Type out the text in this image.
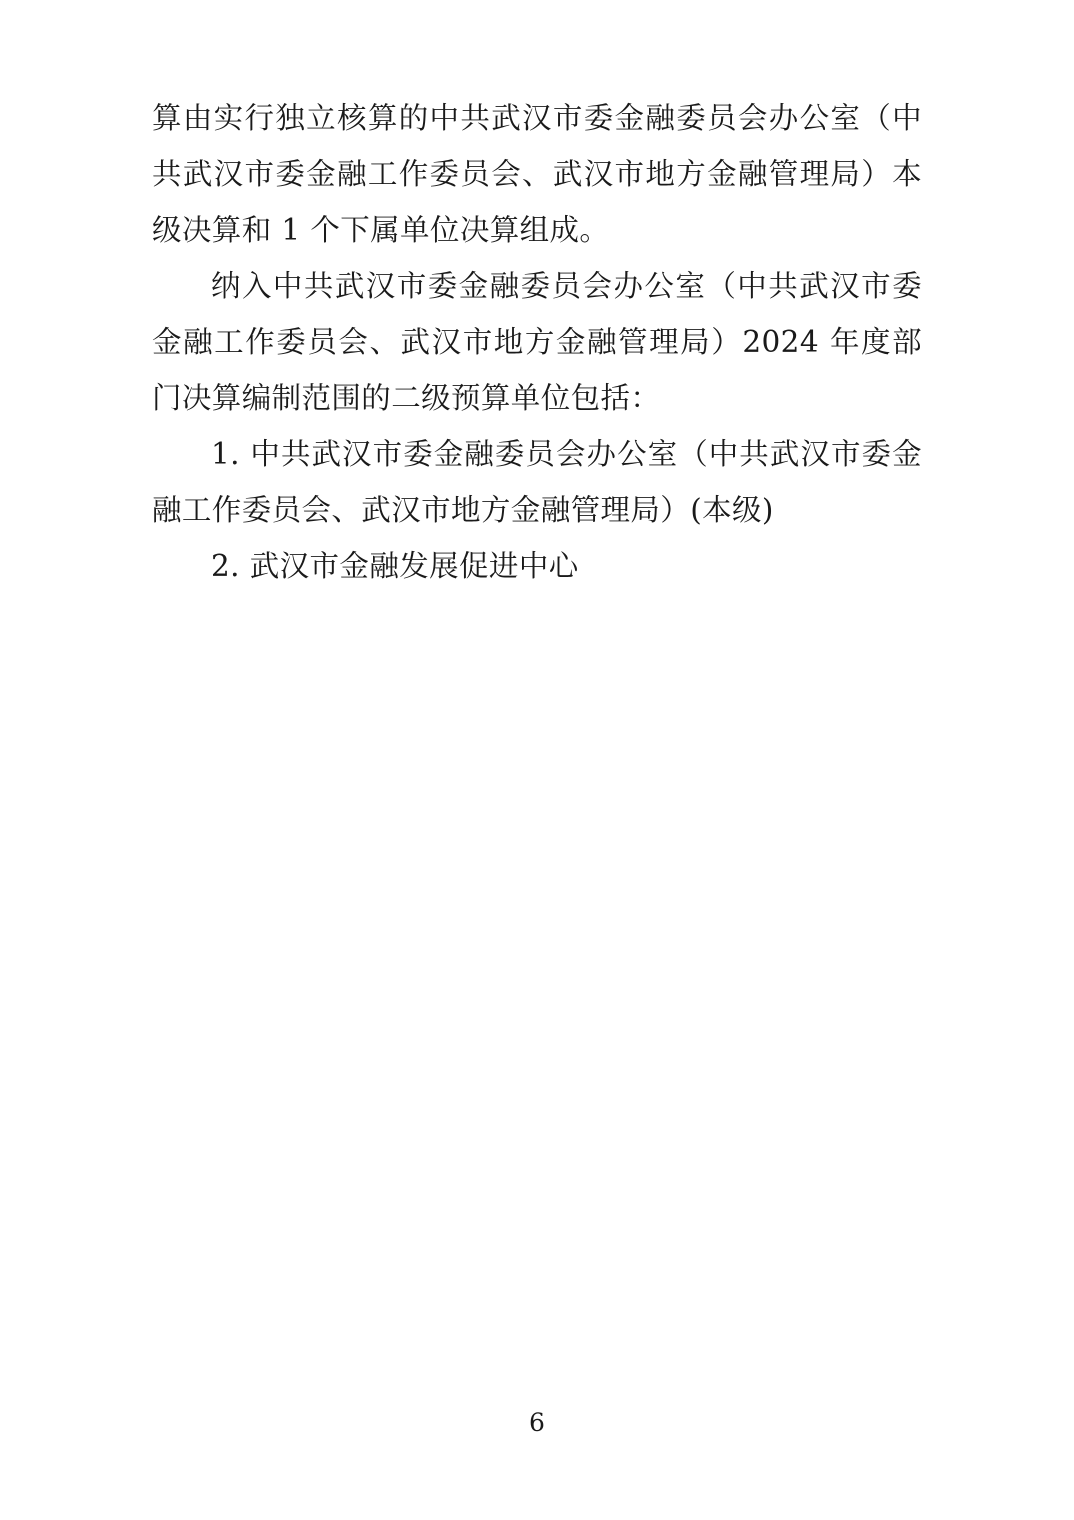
算由实行独立核算的中共武汉市委金融委员会办公室（中共武汉市委金融工作委员会、武汉市地方金融管理局）本级决算和 1 个下属单位决算组成。

纳入中共武汉市委金融委员会办公室（中共武汉市委金融工作委员会、武汉市地方金融管理局）2024 年度部门决算编制范围的二级预算单位包括：

1. 中共武汉市委金融委员会办公室（中共武汉市委金融工作委员会、武汉市地方金融管理局）(本级)

2. 武汉市金融发展促进中心

6
